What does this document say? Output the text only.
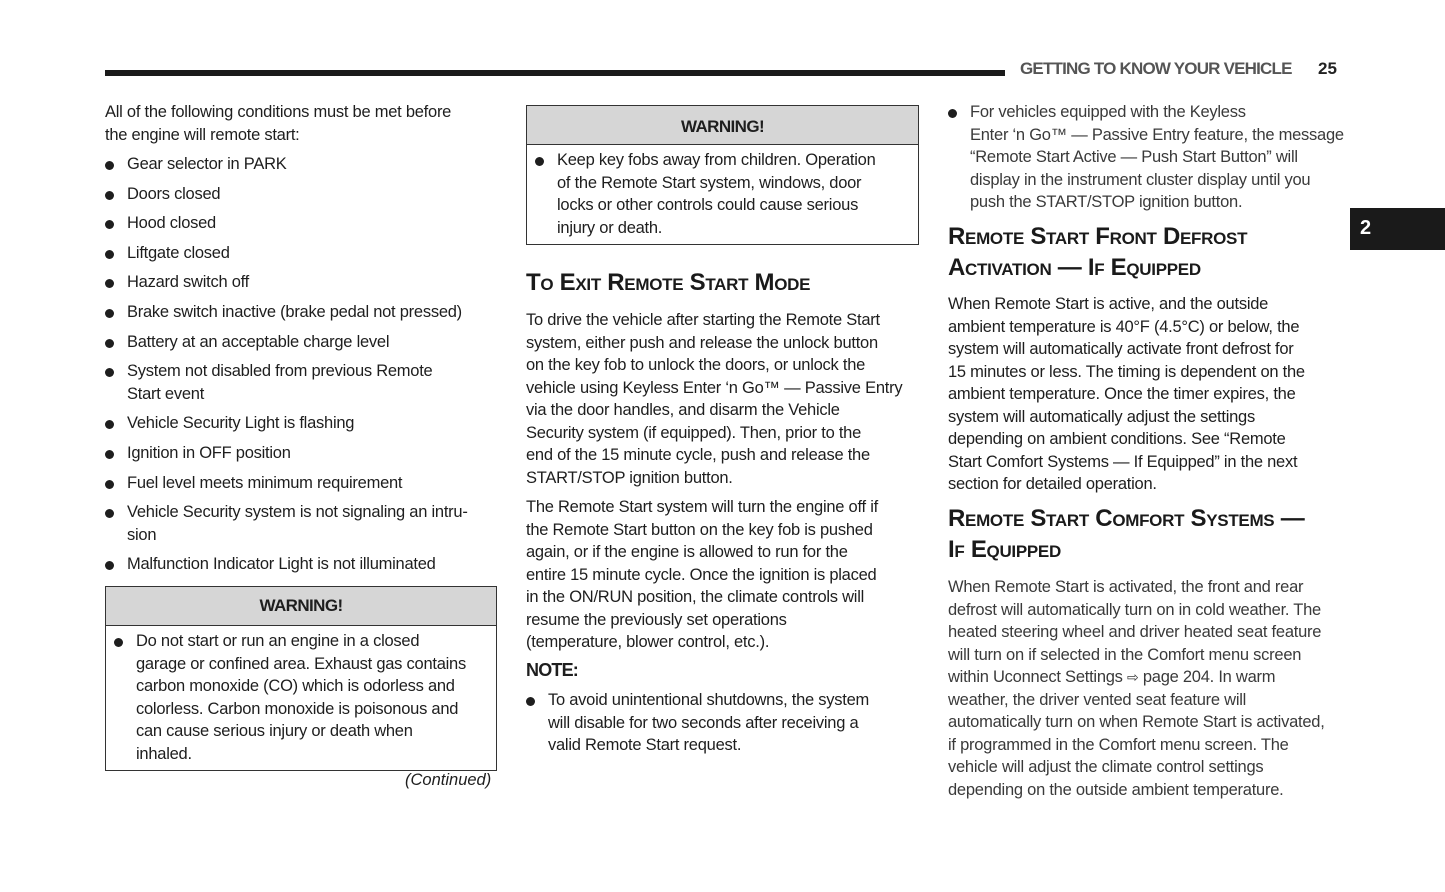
GETTING TO KNOW YOUR VEHICLE 25
2
All of the following conditions must be met before
the engine will remote start:
Gear selector in PARK
Doors closed
Hood closed
Liftgate closed
Hazard switch off
Brake switch inactive (brake pedal not pressed)
Battery at an acceptable charge level
System not disabled from previous Remote
Start event
Vehicle Security Light is flashing
Ignition in OFF position
Fuel level meets minimum requirement
Vehicle Security system is not signaling an intru-
sion
Malfunction Indicator Light is not illuminated
WARNING!
Do not start or run an engine in a closed
garage or confined area. Exhaust gas contains
carbon monoxide (CO) which is odorless and
colorless. Carbon monoxide is poisonous and
can cause serious injury or death when
inhaled.
(Continued)
WARNING!
Keep key fobs away from children. Operation
of the Remote Start system, windows, door
locks or other controls could cause serious
injury or death.
To Exit Remote Start Mode
To drive the vehicle after starting the Remote Start
system, either push and release the unlock button
on the key fob to unlock the doors, or unlock the
vehicle using Keyless Enter ‘n Go™ — Passive Entry
via the door handles, and disarm the Vehicle
Security system (if equipped). Then, prior to the
end of the 15 minute cycle, push and release the
START/STOP ignition button.
The Remote Start system will turn the engine off if
the Remote Start button on the key fob is pushed
again, or if the engine is allowed to run for the
entire 15 minute cycle. Once the ignition is placed
in the ON/RUN position, the climate controls will
resume the previously set operations
(temperature, blower control, etc.).
NOTE:
To avoid unintentional shutdowns, the system
will disable for two seconds after receiving a
valid Remote Start request.
For vehicles equipped with the Keyless
Enter ‘n Go™ — Passive Entry feature, the message
“Remote Start Active — Push Start Button” will
display in the instrument cluster display until you
push the START/STOP ignition button.
Remote Start Front Defrost
Activation — If Equipped
When Remote Start is active, and the outside
ambient temperature is 40°F (4.5°C) or below, the
system will automatically activate front defrost for
15 minutes or less. The timing is dependent on the
ambient temperature. Once the timer expires, the
system will automatically adjust the settings
depending on ambient conditions. See “Remote
Start Comfort Systems — If Equipped” in the next
section for detailed operation.
Remote Start Comfort Systems —
If Equipped
When Remote Start is activated, the front and rear
defrost will automatically turn on in cold weather. The
heated steering wheel and driver heated seat feature
will turn on if selected in the Comfort menu screen
within Uconnect Settings ⇨ page 204. In warm
weather, the driver vented seat feature will
automatically turn on when Remote Start is activated,
if programmed in the Comfort menu screen. The
vehicle will adjust the climate control settings
depending on the outside ambient temperature.
